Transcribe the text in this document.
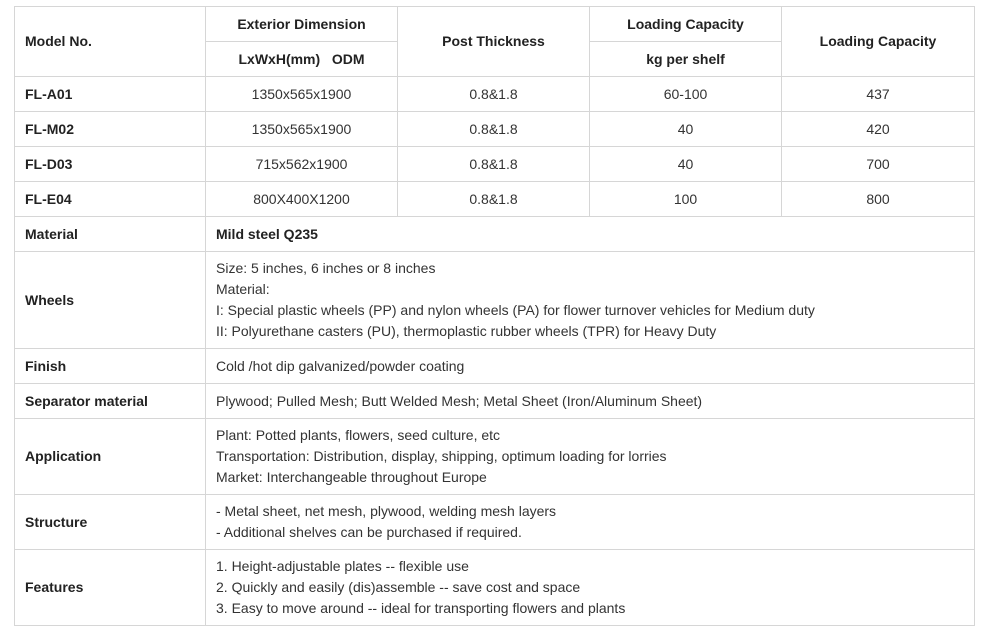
Model No.	Exterior Dimension	Post Thickness	Loading Capacity	Loading Capacity
	LxWxH(mm)   ODM		kg per shelf	
FL-A01	1350x565x1900	0.8&1.8	60-100	437
FL-M02	1350x565x1900	0.8&1.8	40	420
FL-D03	715x562x1900	0.8&1.8	40	700
FL-E04	800X400X1200	0.8&1.8	100	800
Material	Mild steel Q235			
Wheels	Size: 5 inches, 6 inches or 8 inches
Material:
I: Special plastic wheels (PP) and nylon wheels (PA) for flower turnover vehicles for Medium duty
II: Polyurethane casters (PU), thermoplastic rubber wheels (TPR) for Heavy Duty			

Finish	Cold /hot dip galvanized/powder coating			
Separator material	Plywood; Pulled Mesh; Butt Welded Mesh; Metal Sheet (Iron/Aluminum Sheet)			
Application	Plant: Potted plants, flowers, seed culture, etc
Transportation: Distribution, display, shipping, optimum loading for lorries
Market: Interchangeable throughout Europe			

Structure	- Metal sheet, net mesh, plywood, welding mesh layers
- Additional shelves can be purchased if required.			

Features	1. Height-adjustable plates -- flexible use
2. Quickly and easily (dis)assemble -- save cost and space
3. Easy to move around -- ideal for transporting flowers and plants			
